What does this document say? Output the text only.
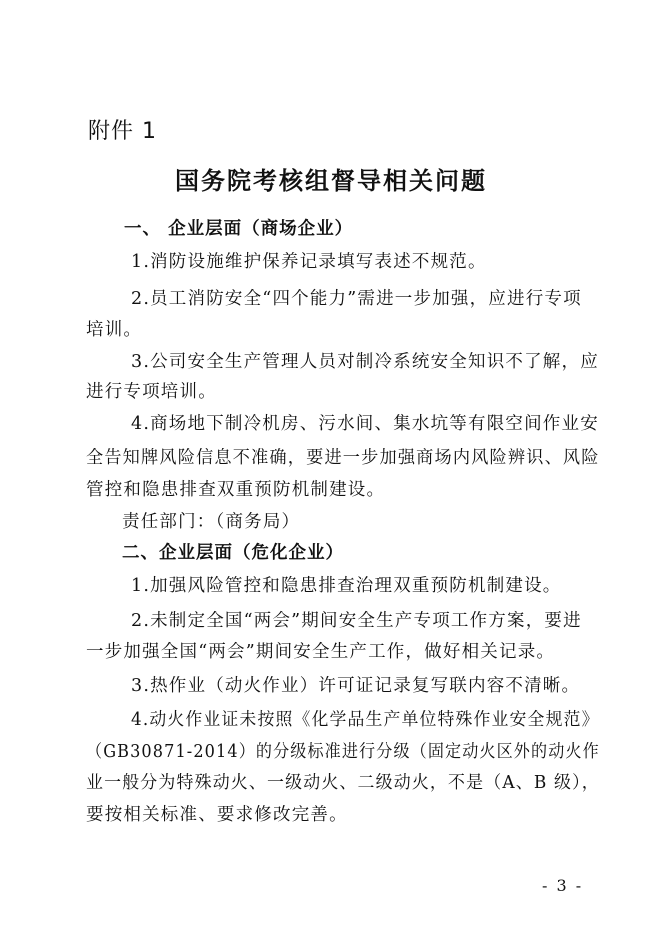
附件 1
国务院考核组督导相关问题
一、 企业层面（商场企业）
1.消防设施维护保养记录填写表述不规范。
2.员工消防安全“四个能力”需进一步加强，应进行专项
培训。
3.公司安全生产管理人员对制冷系统安全知识不了解，应
进行专项培训。
4.商场地下制冷机房、污水间、集水坑等有限空间作业安
全告知牌风险信息不准确，要进一步加强商场内风险辨识、风险
管控和隐患排查双重预防机制建设。
责任部门：（商务局）
二、企业层面（危化企业）
1.加强风险管控和隐患排查治理双重预防机制建设。
2.未制定全国“两会”期间安全生产专项工作方案，要进
一步加强全国“两会”期间安全生产工作，做好相关记录。
3.热作业（动火作业）许可证记录复写联内容不清晰。
4.动火作业证未按照《化学品生产单位特殊作业安全规范》
（GB30871-2014）的分级标准进行分级（固定动火区外的动火作
业一般分为特殊动火、一级动火、二级动火，不是（A、B 级），
要按相关标准、要求修改完善。
- 3 -
